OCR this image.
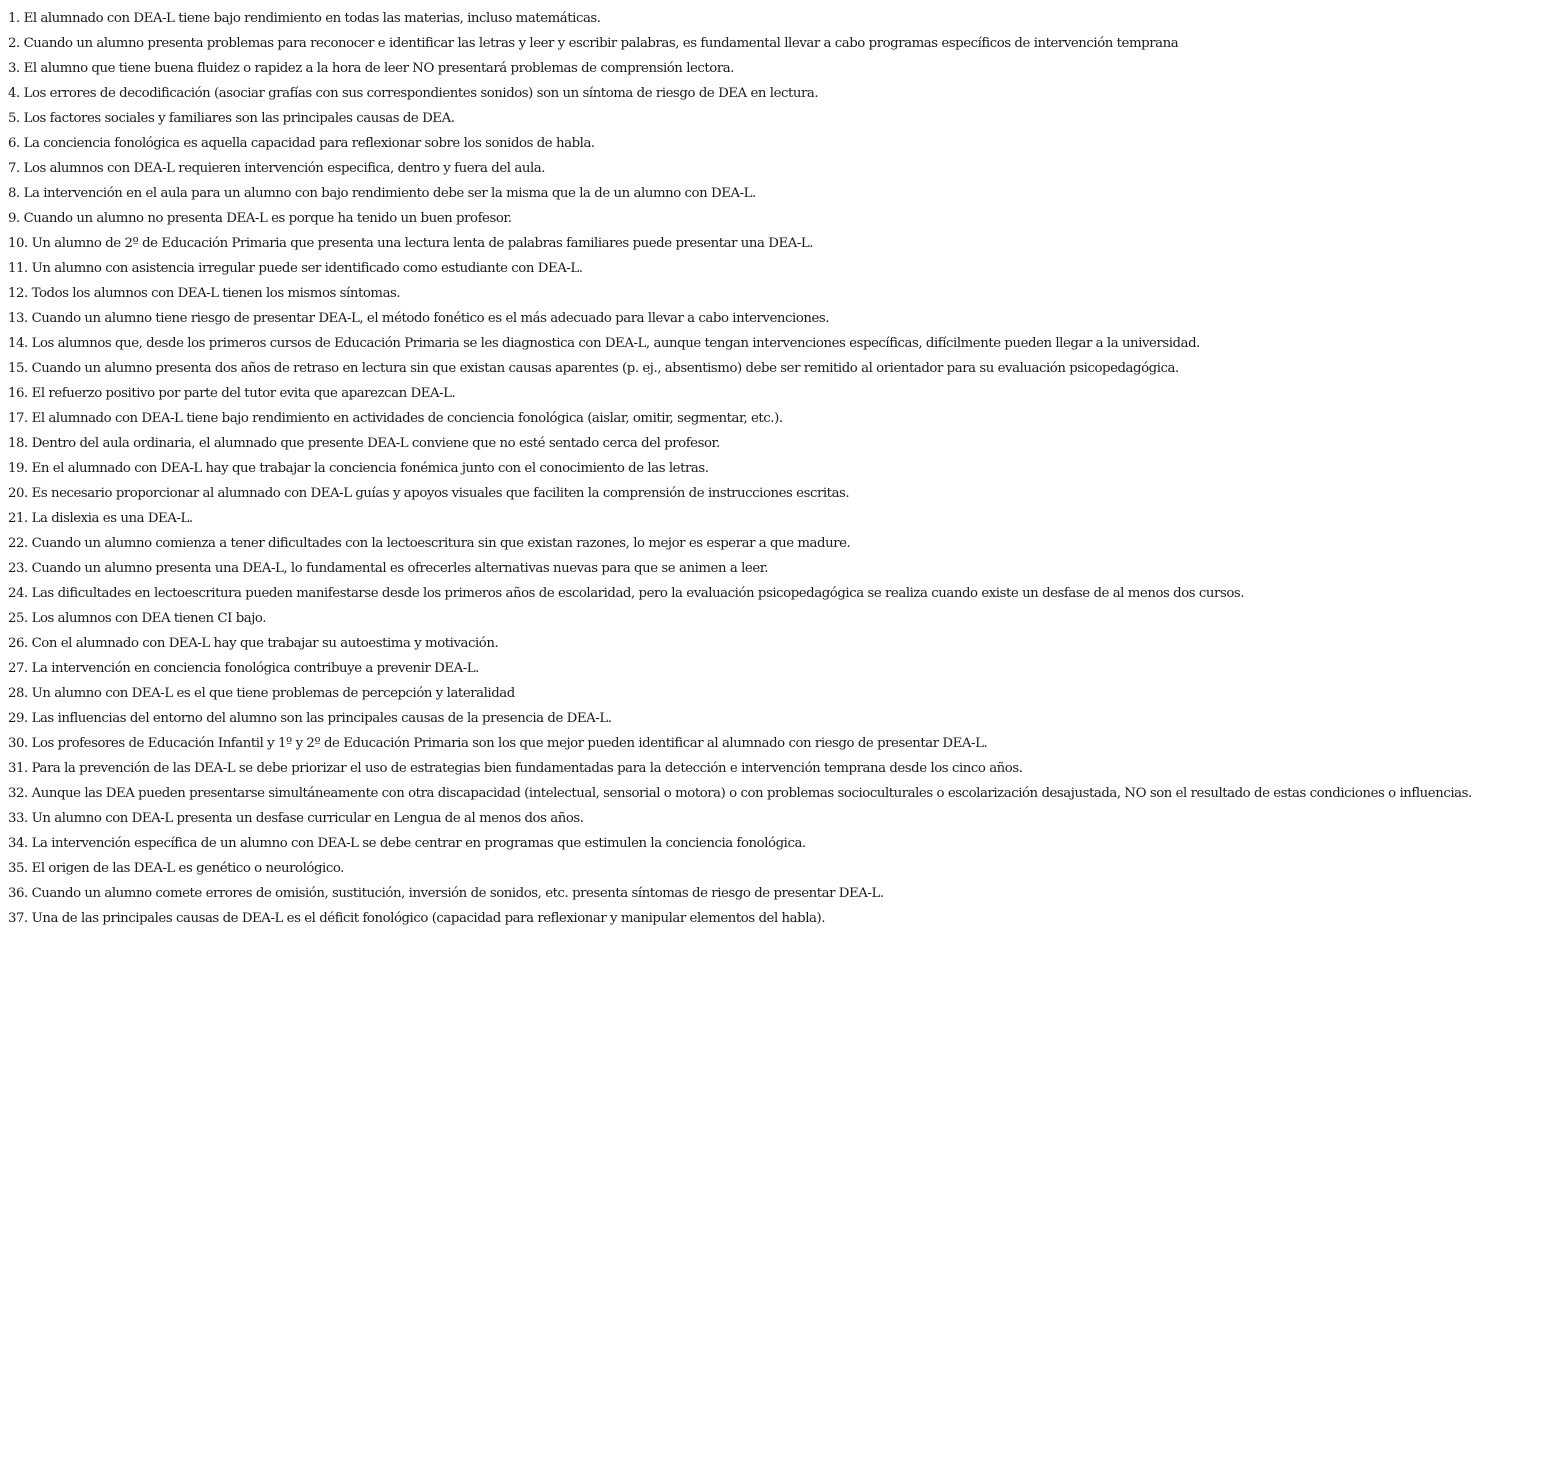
1. El alumnado con DEA-L tiene bajo rendimiento en todas las materias, incluso matemáticas.
2. Cuando un alumno presenta problemas para reconocer e identificar las letras y leer y escribir palabras, es fundamental llevar a cabo programas específicos de intervención temprana
3. El alumno que tiene buena fluidez o rapidez a la hora de leer NO presentará problemas de comprensión lectora.
4. Los errores de decodificación (asociar grafías con sus correspondientes sonidos) son un síntoma de riesgo de DEA en lectura.
5. Los factores sociales y familiares son las principales causas de DEA.
6. La conciencia fonológica es aquella capacidad para reflexionar sobre los sonidos de habla.
7. Los alumnos con DEA-L requieren intervención especifica, dentro y fuera del aula.
8. La intervención en el aula para un alumno con bajo rendimiento debe ser la misma que la de un alumno con DEA-L.
9. Cuando un alumno no presenta DEA-L es porque ha tenido un buen profesor.
10. Un alumno de 2º de Educación Primaria que presenta una lectura lenta de palabras familiares puede presentar una DEA-L.
11. Un alumno con asistencia irregular puede ser identificado como estudiante con DEA-L.
12. Todos los alumnos con DEA-L tienen los mismos síntomas.
13. Cuando un alumno tiene riesgo de presentar DEA-L, el método fonético es el más adecuado para llevar a cabo intervenciones.
14. Los alumnos que, desde los primeros cursos de Educación Primaria se les diagnostica con DEA-L, aunque tengan intervenciones específicas, difícilmente pueden llegar a la universidad.
15. Cuando un alumno presenta dos años de retraso en lectura sin que existan causas aparentes (p. ej., absentismo) debe ser remitido al orientador para su evaluación psicopedagógica.
16. El refuerzo positivo por parte del tutor evita que aparezcan DEA-L.
17. El alumnado con DEA-L tiene bajo rendimiento en actividades de conciencia fonológica (aislar, omitir, segmentar, etc.).
18. Dentro del aula ordinaria, el alumnado que presente DEA-L conviene que no esté sentado cerca del profesor.
19. En el alumnado con DEA-L hay que trabajar la conciencia fonémica junto con el conocimiento de las letras.
20. Es necesario proporcionar al alumnado con DEA-L guías y apoyos visuales que faciliten la comprensión de instrucciones escritas.
21. La dislexia es una DEA-L.
22. Cuando un alumno comienza a tener dificultades con la lectoescritura sin que existan razones, lo mejor es esperar a que madure.
23. Cuando un alumno presenta una DEA-L, lo fundamental es ofrecerles alternativas nuevas para que se animen a leer.
24. Las dificultades en lectoescritura pueden manifestarse desde los primeros años de escolaridad, pero la evaluación psicopedagógica se realiza cuando existe un desfase de al menos dos cursos.
25. Los alumnos con DEA tienen CI bajo.
26. Con el alumnado con DEA-L hay que trabajar su autoestima y motivación.
27. La intervención en conciencia fonológica contribuye a prevenir DEA-L.
28. Un alumno con DEA-L es el que tiene problemas de percepción y lateralidad
29. Las influencias del entorno del alumno son las principales causas de la presencia de DEA-L.
30. Los profesores de Educación Infantil y 1º y 2º de Educación Primaria son los que mejor pueden identificar al alumnado con riesgo de presentar DEA-L.
31. Para la prevención de las DEA-L se debe priorizar el uso de estrategias bien fundamentadas para la detección e intervención temprana desde los cinco años.
32. Aunque las DEA pueden presentarse simultáneamente con otra discapacidad (intelectual, sensorial o motora) o con problemas socioculturales o escolarización desajustada, NO son el resultado de estas condiciones o influencias.
33. Un alumno con DEA-L presenta un desfase curricular en Lengua de al menos dos años.
34. La intervención específica de un alumno con DEA-L se debe centrar en programas que estimulen la conciencia fonológica.
35. El origen de las DEA-L es genético o neurológico.
36. Cuando un alumno comete errores de omisión, sustitución, inversión de sonidos, etc. presenta síntomas de riesgo de presentar DEA-L.
37. Una de las principales causas de DEA-L es el déficit fonológico (capacidad para reflexionar y manipular elementos del habla).
